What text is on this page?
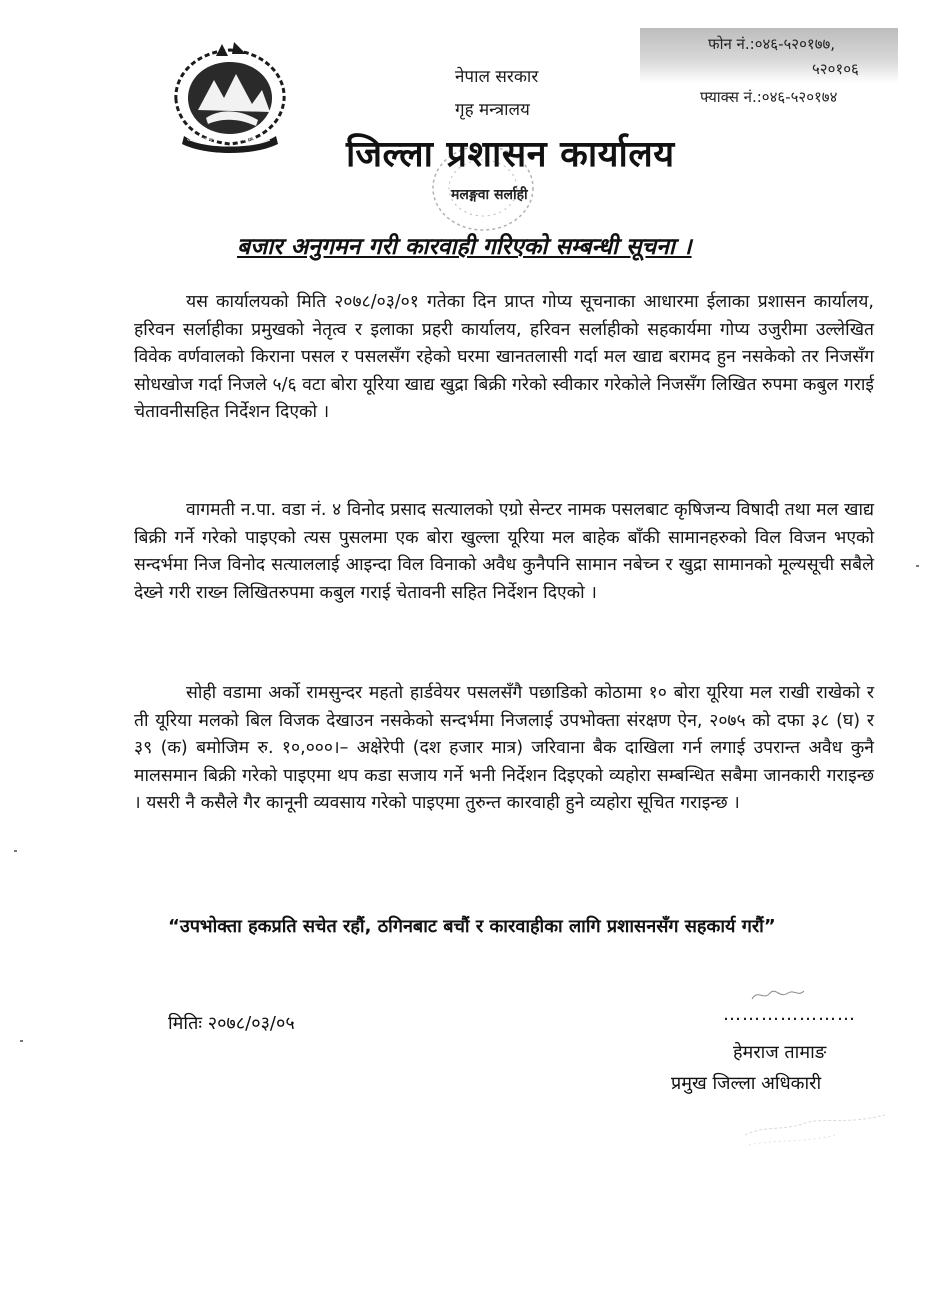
जननी जन्मभूमिश्च स्वर्गादपि गरीयसी
नेपाल सरकार
गृह मन्त्रालय
फोन नं.:०४६-५२०१७७,
५२०१०६
फ्याक्स नं.:०४६-५२०१७४
जिल्ला प्रशासन कार्यालय
मलङ्गवा सर्लाही
बजार अनुगमन गरी कारवाही गरिएको सम्बन्धी सूचना ।

यस कार्यालयको मिति २०७८/०३/०१ गतेका दिन प्राप्त गोप्य सूचनाका आधारमा ईलाका प्रशासन कार्यालय, हरिवन सर्लाहीका प्रमुखको नेतृत्व र इलाका प्रहरी कार्यालय, हरिवन सर्लाहीको सहकार्यमा गोप्य उजुरीमा उल्लेखित विवेक वर्णवालको किराना पसल र पसलसँग रहेको घरमा खानतलासी गर्दा मल खाद्य बरामद हुन नसकेको तर निजसँग सोधखोज गर्दा निजले ५/६ वटा बोरा यूरिया खाद्य खुद्रा बिक्री गरेको स्वीकार गरेकोले निजसँग लिखित रुपमा कबुल गराई चेतावनीसहित निर्देशन दिएको ।

वागमती न.पा. वडा नं. ४ विनोद प्रसाद सत्यालको एग्रो सेन्टर नामक पसलबाट कृषिजन्य विषादी तथा मल खाद्य बिक्री गर्ने गरेको पाइएको त्यस पुसलमा एक बोरा खुल्ला यूरिया मल बाहेक बाँकी सामानहरुको विल विजन भएको सन्दर्भमा निज विनोद सत्याललाई आइन्दा विल विनाको अवैध कुनैपनि सामान नबेच्न र खुद्रा सामानको मूल्यसूची सबैले देख्ने गरी राख्न लिखितरुपमा कबुल गराई चेतावनी सहित निर्देशन दिएको ।

सोही वडामा अर्को रामसुन्दर महतो हार्डवेयर पसलसँगै पछाडिको कोठामा १० बोरा यूरिया मल राखी राखेको र ती यूरिया मलको बिल विजक देखाउन नसकेको सन्दर्भमा निजलाई उपभोक्ता संरक्षण ऐन, २०७५ को दफा ३८ (घ) र ३९ (क) बमोजिम रु. १०,०००।– अक्षेरेपी (दश हजार मात्र) जरिवाना बैक दाखिला गर्न लगाई उपरान्त अवैध कुनै मालसमान बिक्री गरेको पाइएमा थप कडा सजाय गर्ने भनी निर्देशन दिइएको व्यहोरा सम्बन्धित सबैमा जानकारी गराइन्छ । यसरी नै कसैले गैर कानूनी व्यवसाय गरेको पाइएमा तुरुन्त कारवाही हुने व्यहोरा सूचित गराइन्छ ।

“उपभोक्ता हकप्रति सचेत रहौं, ठगिनबाट बचौं र कारवाहीका लागि प्रशासनसँग सहकार्य गरौं”
मितिः २०७८/०३/०५	…………………
हेमराज तामाङ
प्रमुख जिल्ला अधिकारी
